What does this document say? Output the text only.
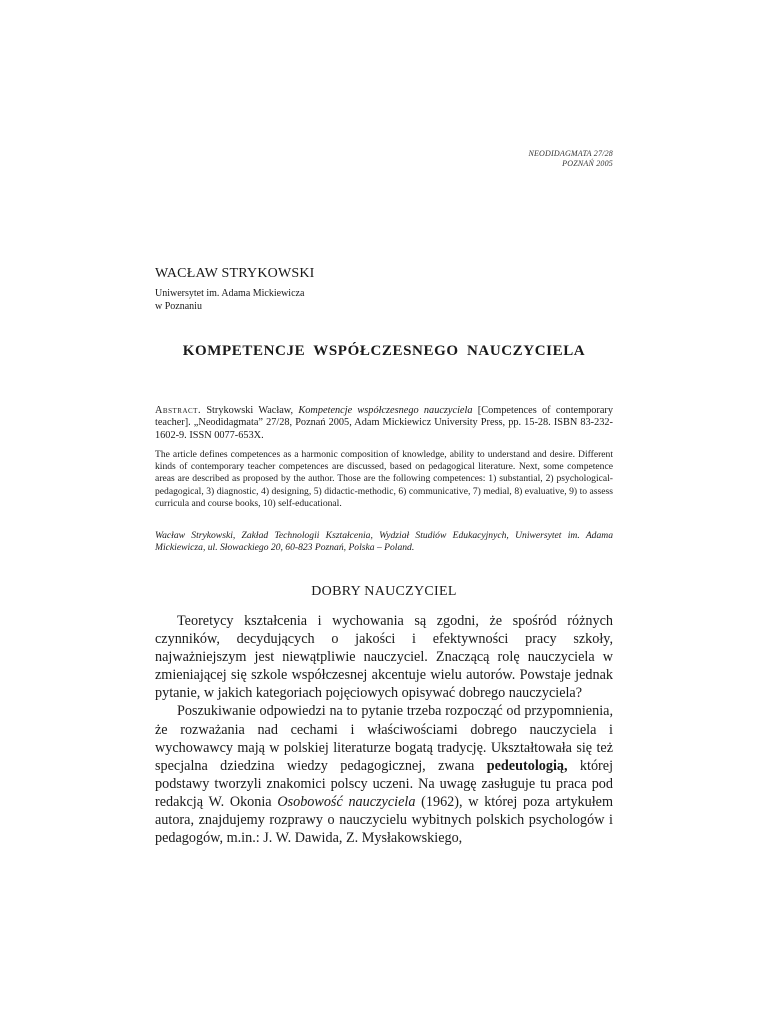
NEODIDAGMATA 27/28
POZNAŃ 2005
WACŁAW STRYKOWSKI
Uniwersytet im. Adama Mickiewicza
w Poznaniu
KOMPETENCJE WSPÓŁCZESNEGO NAUCZYCIELA
Abstract. Strykowski Wacław, Kompetencje współczesnego nauczyciela [Competences of contemporary teacher]. „Neodidagmata” 27/28, Poznań 2005, Adam Mickiewicz University Press, pp. 15-28. ISBN 83-232-1602-9. ISSN 0077-653X.
The article defines competences as a harmonic composition of knowledge, ability to understand and desire. Different kinds of contemporary teacher competences are discussed, based on pedagogical literature. Next, some competence areas are described as proposed by the author. Those are the following competences: 1) substantial, 2) psychological-pedagogical, 3) diagnostic, 4) designing, 5) didactic-methodic, 6) communicative, 7) medial, 8) evaluative, 9) to assess curricula and course books, 10) self-educational.
Wacław Strykowski, Zakład Technologii Kształcenia, Wydział Studiów Edukacyjnych, Uniwersytet im. Adama Mickiewicza, ul. Słowackiego 20, 60-823 Poznań, Polska – Poland.
DOBRY NAUCZYCIEL

Teoretycy kształcenia i wychowania są zgodni, że spośród różnych czynników, decydujących o jakości i efektywności pracy szkoły, najważniejszym jest niewątpliwie nauczyciel. Znaczącą rolę nauczyciela w zmieniającej się szkole współczesnej akcentuje wielu autorów. Powstaje jednak pytanie, w jakich kategoriach pojęciowych opisywać dobrego nauczyciela?

Poszukiwanie odpowiedzi na to pytanie trzeba rozpocząć od przypomnienia, że rozważania nad cechami i właściwościami dobrego nauczyciela i wychowawcy mają w polskiej literaturze bogatą tradycję. Ukształtowała się też specjalna dziedzina wiedzy pedagogicznej, zwana pedeutologią, której podstawy tworzyli znakomici polscy uczeni. Na uwagę zasługuje tu praca pod redakcją W. Okonia Osobowość nauczyciela (1962), w której poza artykułem autora, znajdujemy rozprawy o nauczycielu wybitnych polskich psychologów i pedagogów, m.in.: J. W. Dawida, Z. Mysłakowskiego,
